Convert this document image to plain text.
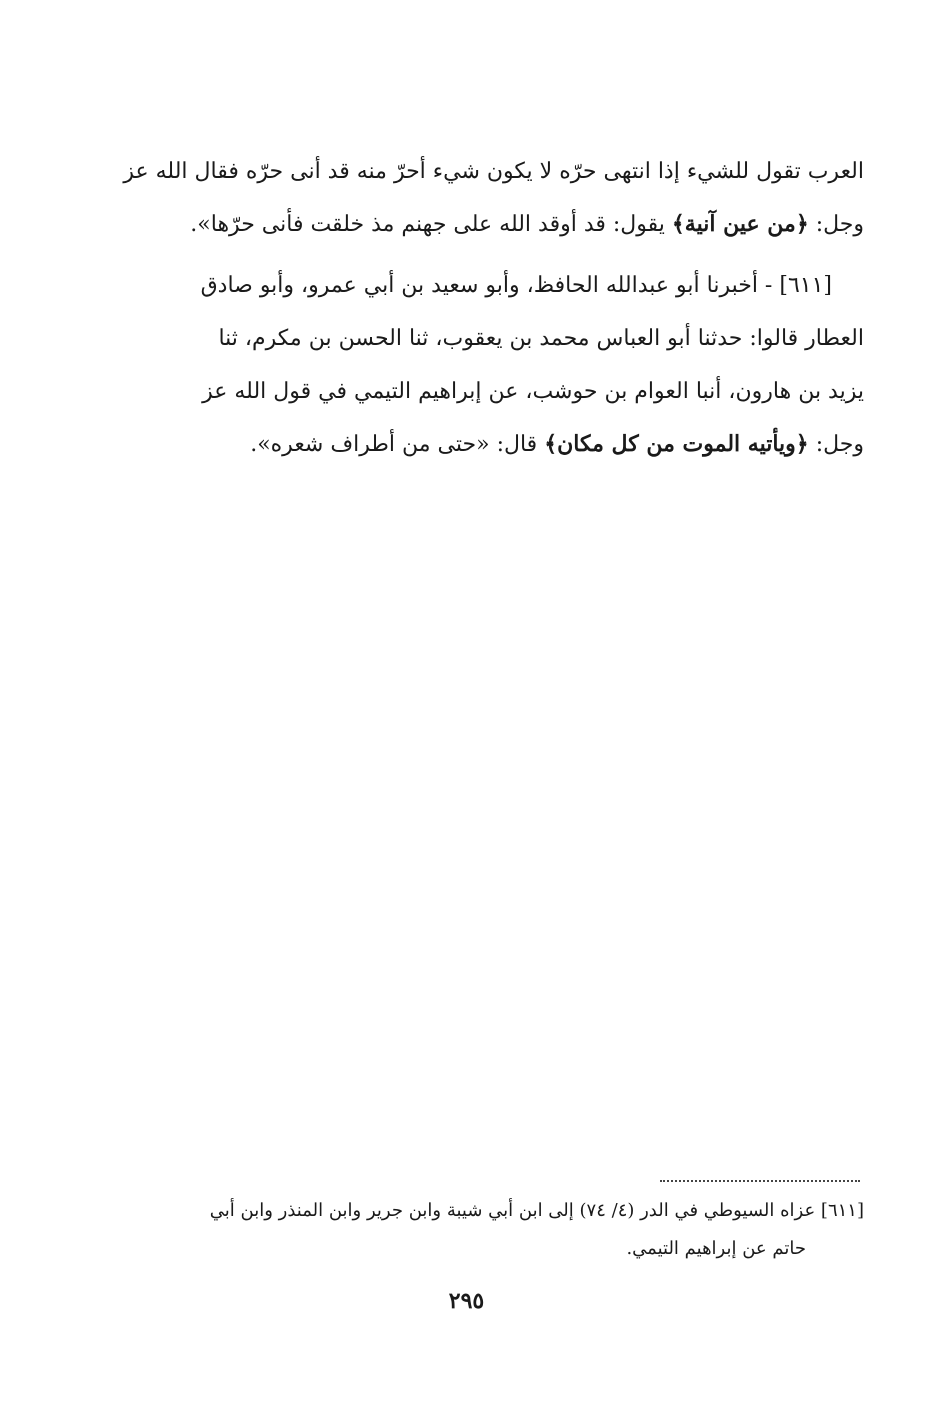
العرب تقول للشيء إذا انتهى حرّه لا يكون شيء أحرّ منه قد أنى حرّه فقال الله عز

وجل: ﴿من عين آنية﴾ يقول: قد أوقد الله على جهنم مذ خلقت فأنى حرّها».

[٦١١] - أخبرنا أبو عبدالله الحافظ، وأبو سعيد بن أبي عمرو، وأبو صادق

العطار قالوا: حدثنا أبو العباس محمد بن يعقوب، ثنا الحسن بن مكرم، ثنا

يزيد بن هارون، أنبا العوام بن حوشب، عن إبراهيم التيمي في قول الله عز

وجل: ﴿ويأتيه الموت من كل مكان﴾ قال: «حتى من أطراف شعره».

[٦١١] عزاه السيوطي في الدر (٤/ ٧٤) إلى ابن أبي شيبة وابن جرير وابن المنذر وابن أبي

حاتم عن إبراهيم التيمي.

٢٩٥
